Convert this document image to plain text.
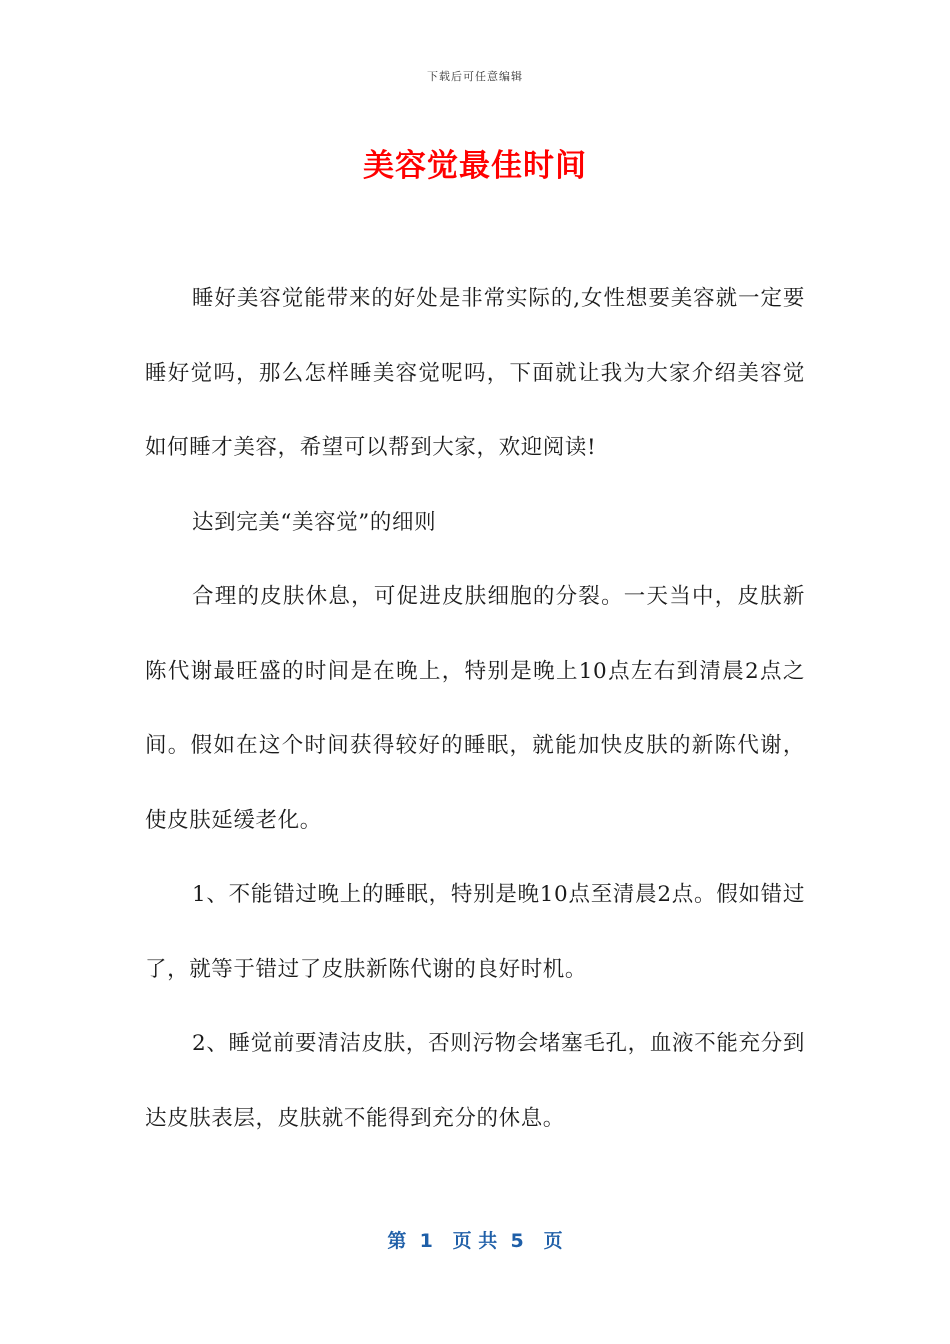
下载后可任意编辑
美容觉最佳时间

睡好美容觉能带来的好处是非常实际的,女性想要美容就一定要睡好觉吗，那么怎样睡美容觉呢吗，下面就让我为大家介绍美容觉如何睡才美容，希望可以帮到大家，欢迎阅读!

达到完美“美容觉”的细则

合理的皮肤休息，可促进皮肤细胞的分裂。一天当中，皮肤新陈代谢最旺盛的时间是在晚上，特别是晚上10点左右到清晨2点之间。假如在这个时间获得较好的睡眠，就能加快皮肤的新陈代谢，使皮肤延缓老化。

1、不能错过晚上的睡眠，特别是晚10点至清晨2点。假如错过了，就等于错过了皮肤新陈代谢的良好时机。

2、睡觉前要清洁皮肤，否则污物会堵塞毛孔，血液不能充分到达皮肤表层，皮肤就不能得到充分的休息。

第  1   页 共  5   页
